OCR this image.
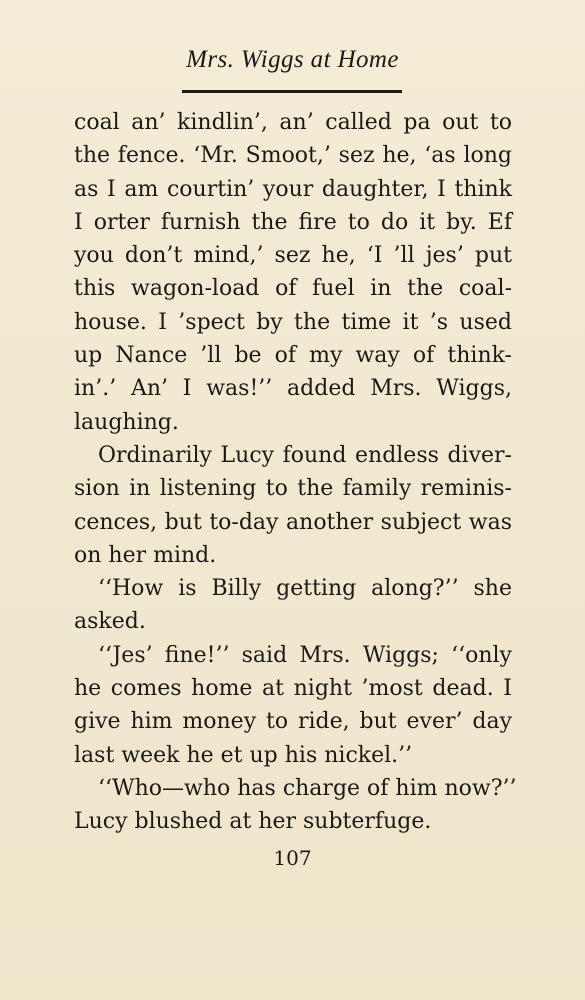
Mrs. Wiggs at Home
coal an’ kindlin’, an’ called pa out to
the fence. ‘Mr. Smoot,’ sez he, ‘as long
as I am courtin’ your daughter, I think
I orter furnish the fire to do it by. Ef
you don’t mind,’ sez he, ‘I ’ll jes’ put
this wagon-load of fuel in the coal-
house. I ’spect by the time it ’s used
up Nance ’ll be of my way of think-
in’.’ An’ I was!’’ added Mrs. Wiggs,
laughing.
Ordinarily Lucy found endless diver-
sion in listening to the family reminis-
cences, but to-day another subject was
on her mind.
‘‘How is Billy getting along?’’ she
asked.
‘‘Jes’ fine!’’ said Mrs. Wiggs; ‘‘only
he comes home at night ’most dead. I
give him money to ride, but ever’ day
last week he et up his nickel.’’
‘‘Who—who has charge of him now?’’
Lucy blushed at her subterfuge.
107
